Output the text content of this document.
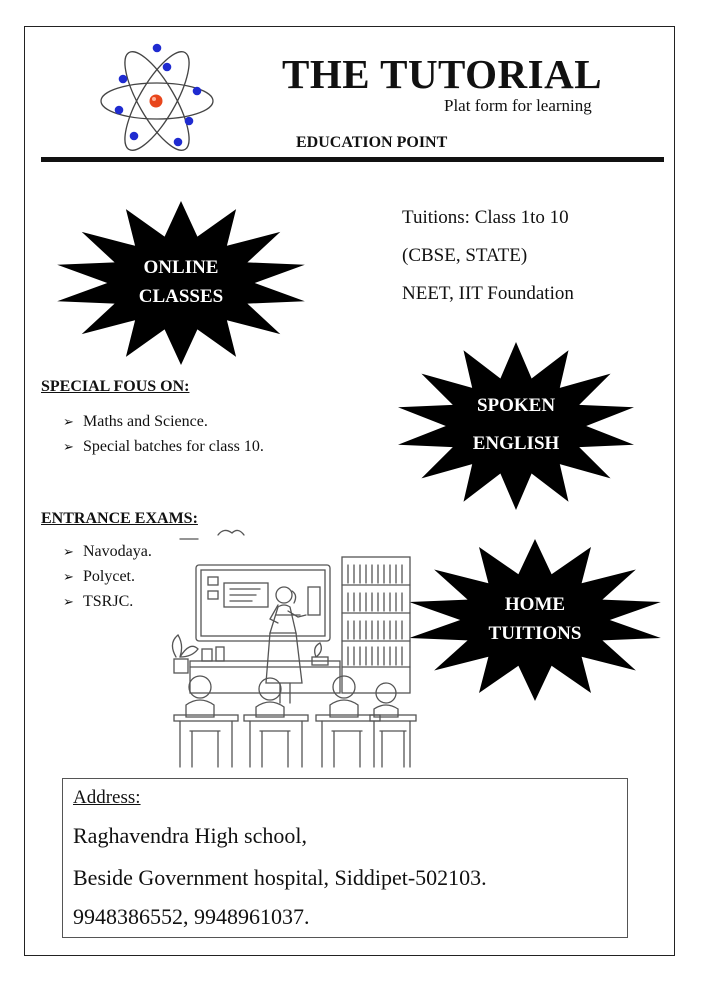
THE TUTORIAL
Plat form for learning
EDUCATION POINT
Tuitions: Class 1to 10
(CBSE, STATE)
NEET, IIT Foundation
ONLINE
CLASSES
SPOKEN
ENGLISH
HOME
TUITIONS
SPECIAL FOUS ON:
➢ Maths and Science.
➢ Special batches for class 10.
ENTRANCE EXAMS:
➢ Navodaya.
➢ Polycet.
➢ TSRJC.
Address:
Raghavendra High school,
Beside Government hospital, Siddipet-502103.
9948386552, 9948961037.
